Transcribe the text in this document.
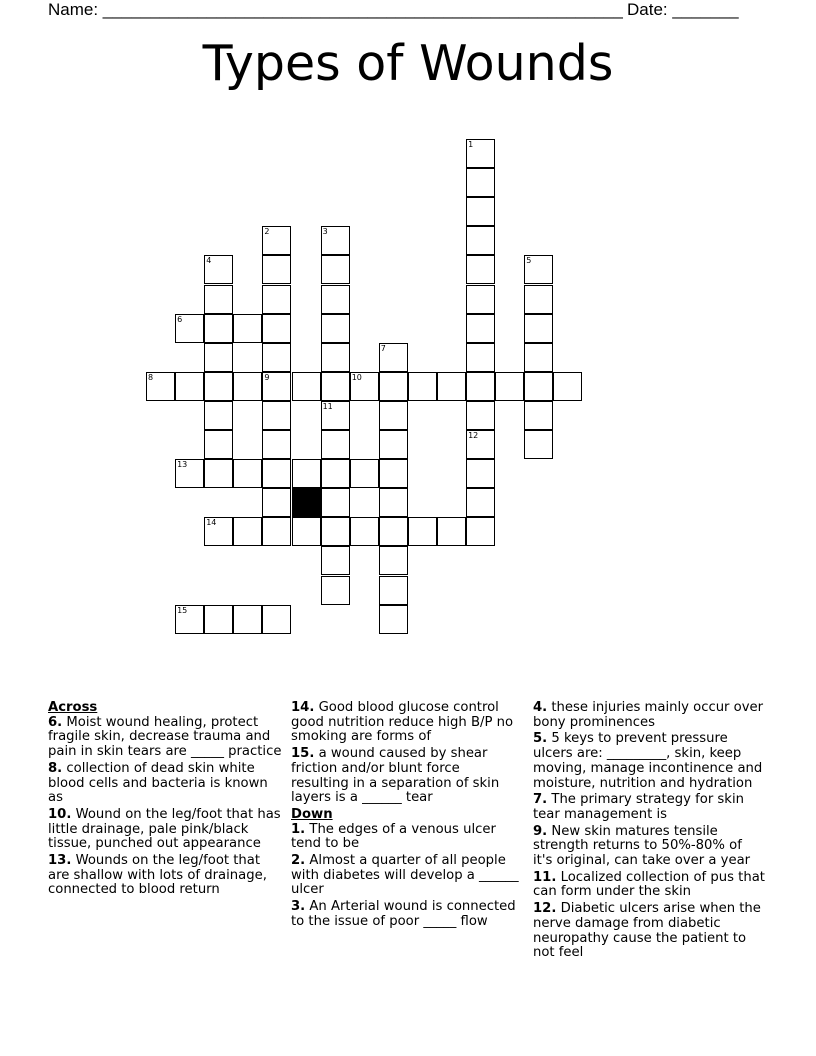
Name: _______________________________________________________ Date: _______
Types of Wounds
1
12
2
9
3
11
4	5
7
6
8	10
13
14
15
Across
6. Moist wound healing, protect fragile skin, decrease trauma and pain in skin tears are _____ practice
8. collection of dead skin white blood cells and bacteria is known as
10. Wound on the leg/foot that has little drainage, pale pink/black tissue, punched out appearance
13. Wounds on the leg/foot that are shallow with lots of drainage, connected to blood return
14. Good blood glucose control good nutrition reduce high B/P no smoking are forms of
15. a wound caused by shear friction and/or blunt force resulting in a separation of skin layers is a ______ tear
Down
1. The edges of a venous ulcer tend to be
2. Almost a quarter of all people with diabetes will develop a ______ ulcer
3. An Arterial wound is connected to the issue of poor _____ flow
4. these injuries mainly occur over bony prominences
5. 5 keys to prevent pressure ulcers are: _________, skin, keep moving, manage incontinence and moisture, nutrition and hydration
7. The primary strategy for skin tear management is
9. New skin matures tensile strength returns to 50%-80% of it's original, can take over a year
11. Localized collection of pus that can form under the skin
12. Diabetic ulcers arise when the nerve damage from diabetic neuropathy cause the patient to not feel
